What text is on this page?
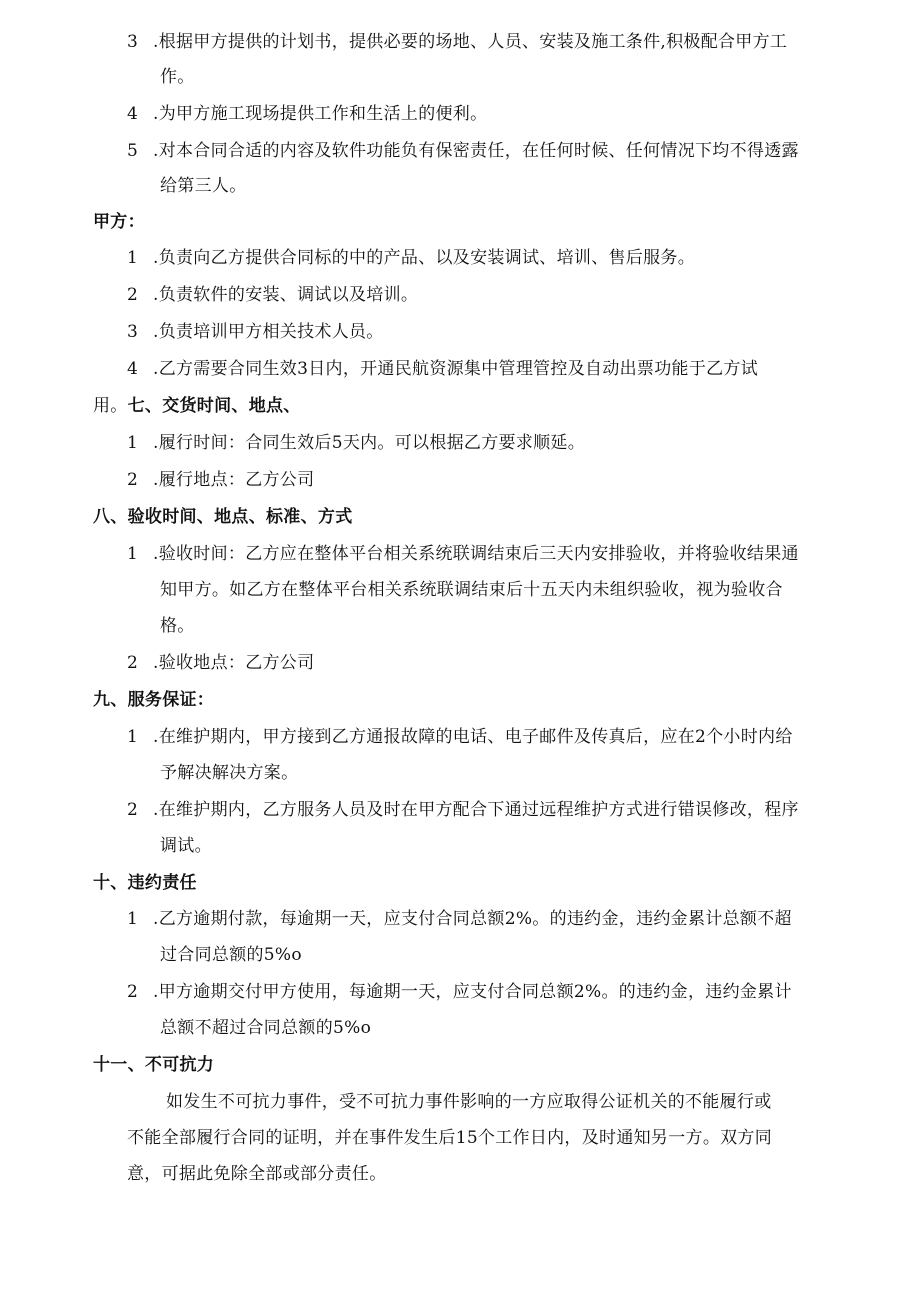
3 .根据甲方提供的计划书，提供必要的场地、人员、安装及施工条件,积极配合甲方工
作。
4 .为甲方施工现场提供工作和生活上的便利。
5 .对本合同合适的内容及软件功能负有保密责任，在任何时候、任何情况下均不得透露
给第三人。
甲方：
1 .负责向乙方提供合同标的中的产品、以及安装调试、培训、售后服务。
2 .负责软件的安装、调试以及培训。
3 .负责培训甲方相关技术人员。
4 .乙方需要合同生效3日内，开通民航资源集中管理管控及自动出票功能于乙方试
用。七、交货时间、地点、
1 .履行时间：合同生效后5天内。可以根据乙方要求顺延。
2 .履行地点：乙方公司
八、验收时间、地点、标准、方式
1 .验收时间：乙方应在整体平台相关系统联调结束后三天内安排验收，并将验收结果通
知甲方。如乙方在整体平台相关系统联调结束后十五天内未组织验收，视为验收合
格。
2 .验收地点：乙方公司
九、服务保证：
1 .在维护期内，甲方接到乙方通报故障的电话、电子邮件及传真后，应在2个小时内给
予解决解决方案。
2 .在维护期内，乙方服务人员及时在甲方配合下通过远程维护方式进行错误修改，程序
调试。
十、违约责任
1 .乙方逾期付款，每逾期一天，应支付合同总额2%。的违约金，违约金累计总额不超
过合同总额的5%o
2 .甲方逾期交付甲方使用，每逾期一天，应支付合同总额2%。的违约金，违约金累计
总额不超过合同总额的5%o
十一、不可抗力
如发生不可抗力事件，受不可抗力事件影响的一方应取得公证机关的不能履行或
不能全部履行合同的证明，并在事件发生后15个工作日内，及时通知另一方。双方同
意，可据此免除全部或部分责任。
